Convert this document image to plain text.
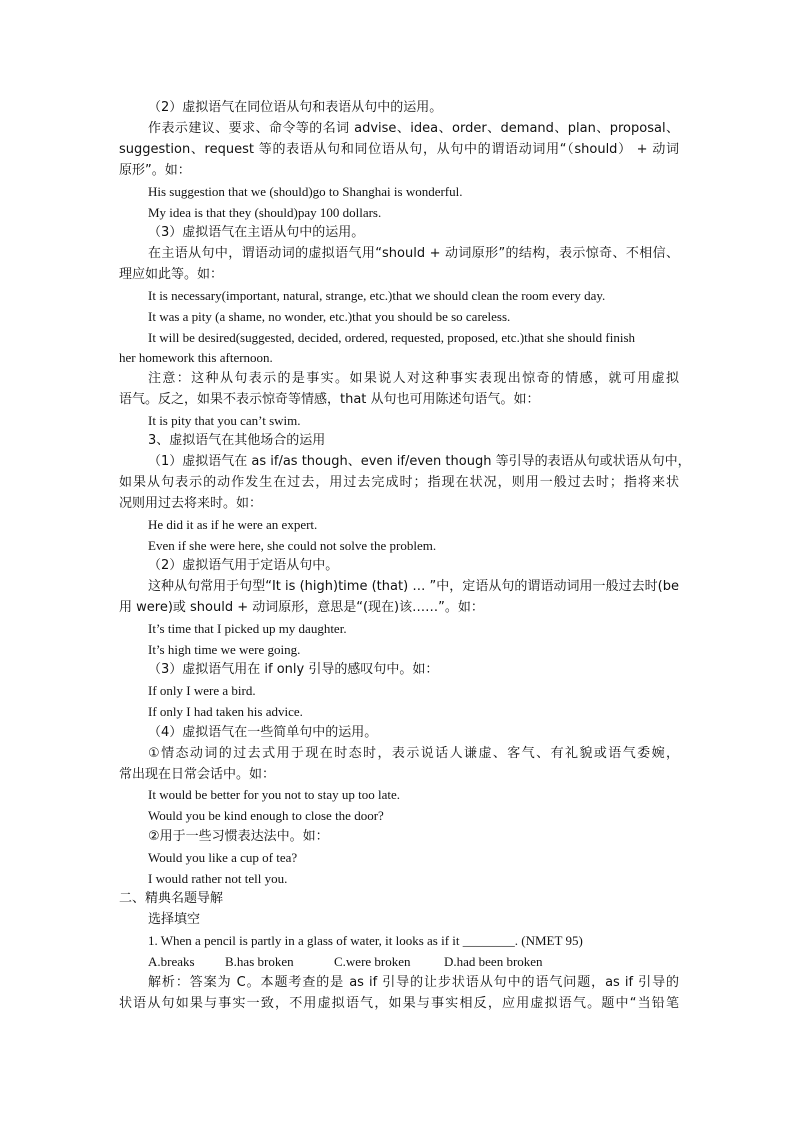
（2）虚拟语气在同位语从句和表语从句中的运用。
作表示建议、要求、命令等的名词 advise、idea、order、demand、plan、proposal、
suggestion、request 等的表语从句和同位语从句，从句中的谓语动词用“（should） + 动词
原形”。如：
His suggestion that we (should)go to Shanghai is wonderful.
My idea is that they (should)pay 100 dollars.
（3）虚拟语气在主语从句中的运用。
在主语从句中，谓语动词的虚拟语气用“should + 动词原形”的结构，表示惊奇、不相信、
理应如此等。如：
It is necessary(important, natural, strange, etc.)that we should clean the room every day.
It was a pity (a shame, no wonder, etc.)that you should be so careless.
It will be desired(suggested, decided, ordered, requested, proposed, etc.)that she should finish
her homework this afternoon.
注意：这种从句表示的是事实。如果说人对这种事实表现出惊奇的情感，就可用虚拟
语气。反之，如果不表示惊奇等情感，that 从句也可用陈述句语气。如：
It is pity that you can’t swim.
3、虚拟语气在其他场合的运用
（1）虚拟语气在 as if/as though、even if/even though 等引导的表语从句或状语从句中，
如果从句表示的动作发生在过去，用过去完成时；指现在状况，则用一般过去时；指将来状
况则用过去将来时。如：
He did it as if he were an expert.
Even if she were here, she could not solve the problem.
（2）虚拟语气用于定语从句中。
这种从句常用于句型“It is (high)time (that) … ”中，定语从句的谓语动词用一般过去时(be
用 were)或 should + 动词原形，意思是“(现在)该……”。如：
It’s time that I picked up my daughter.
It’s high time we were going.
（3）虚拟语气用在 if only 引导的感叹句中。如：
If only I were a bird.
If only I had taken his advice.
（4）虚拟语气在一些简单句中的运用。
①情态动词的过去式用于现在时态时，表示说话人谦虚、客气、有礼貌或语气委婉，
常出现在日常会话中。如：
It would be better for you not to stay up too late.
Would you be kind enough to close the door?
②用于一些习惯表达法中。如：
Would you like a cup of tea?
I would rather not tell you.
二、精典名题导解
选择填空
1. When a pencil is partly in a glass of water, it looks as if it ________. (NMET 95)
A.breaks B.has broken	C.were broken	D.had been broken
解析：答案为 C。本题考查的是 as if 引导的让步状语从句中的语气问题，as if 引导的
状语从句如果与事实一致，不用虚拟语气，如果与事实相反，应用虚拟语气。题中“当铅笔
